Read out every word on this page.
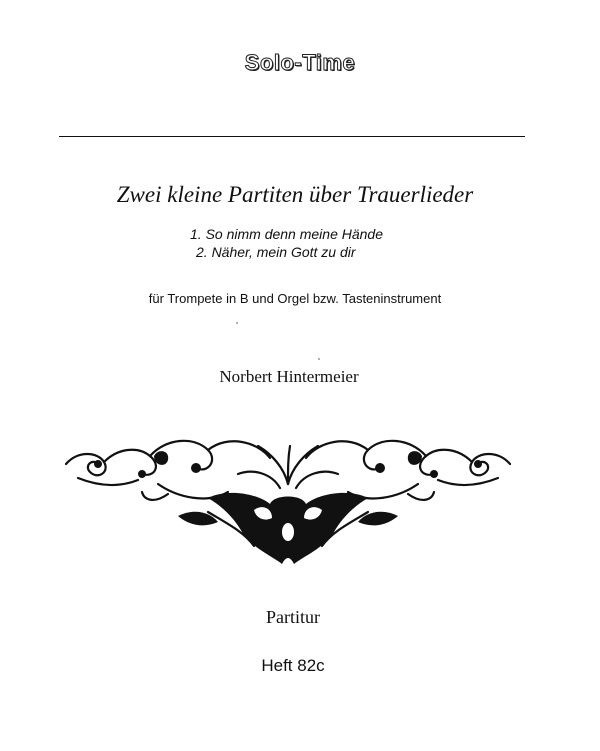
Solo-Time
Zwei kleine Partiten über Trauerlieder
1. So nimm denn meine Hände
2. Näher, mein Gott zu dir
für Trompete in B und Orgel bzw. Tasteninstrument
Norbert Hintermeier
Partitur
Heft 82c
